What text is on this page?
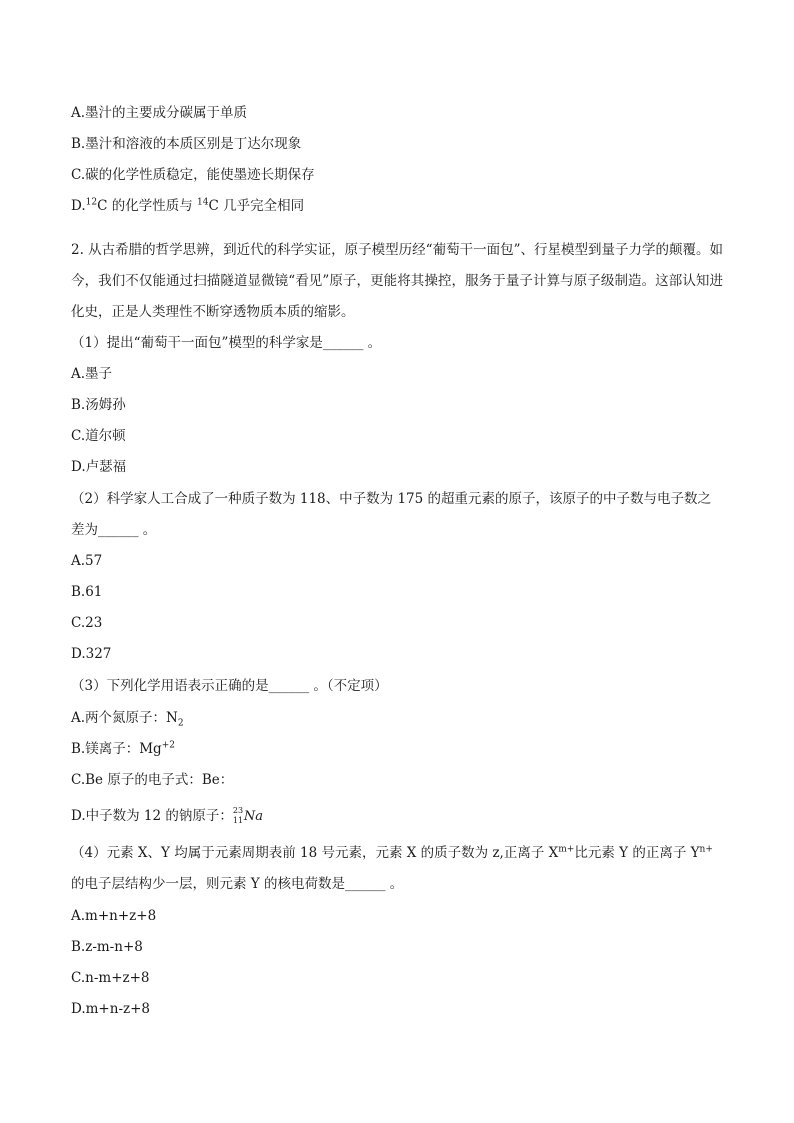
A.墨汁的主要成分碳属于单质
B.墨汁和溶液的本质区别是丁达尔现象
C.碳的化学性质稳定，能使墨迹长期保存
D.$^{12}$C 的化学性质与 $^{14}$C 几乎完全相同
2. 从古希腊的哲学思辨，到近代的科学实证，原子模型历经“葡萄干一面包”、行星模型到量子力学的颠覆。如今，我们不仅能通过扫描隧道显微镜“看见”原子，更能将其操控，服务于量子计算与原子级制造。这部认知进化史，正是人类理性不断穿透物质本质的缩影。
（1）提出“葡萄干一面包”模型的科学家是______ 。
A.墨子
B.汤姆孙
C.道尔顿
D.卢瑟福
（2）科学家人工合成了一种质子数为 118、中子数为 175 的超重元素的原子，该原子的中子数与电子数之
差为______ 。
A.57
B.61
C.23
D.327
（3）下列化学用语表示正确的是______ 。（不定项）
A.两个氮原子：$N_2$
B.镁离子：$Mg^{+2}$
C.Be 原子的电子式：Be：
D.中子数为 12 的钠原子： 23
11 Na
（4）元素 X、Y 均属于元素周期表前 18 号元素，元素 X 的质子数为 z,正离子 $X^{m+}$比元素 Y 的正离子 $Y^{n+}$
的电子层结构少一层，则元素 Y 的核电荷数是______ 。
A.m+n+z+8
B.z-m-n+8
C.n-m+z+8
D.m+n-z+8
